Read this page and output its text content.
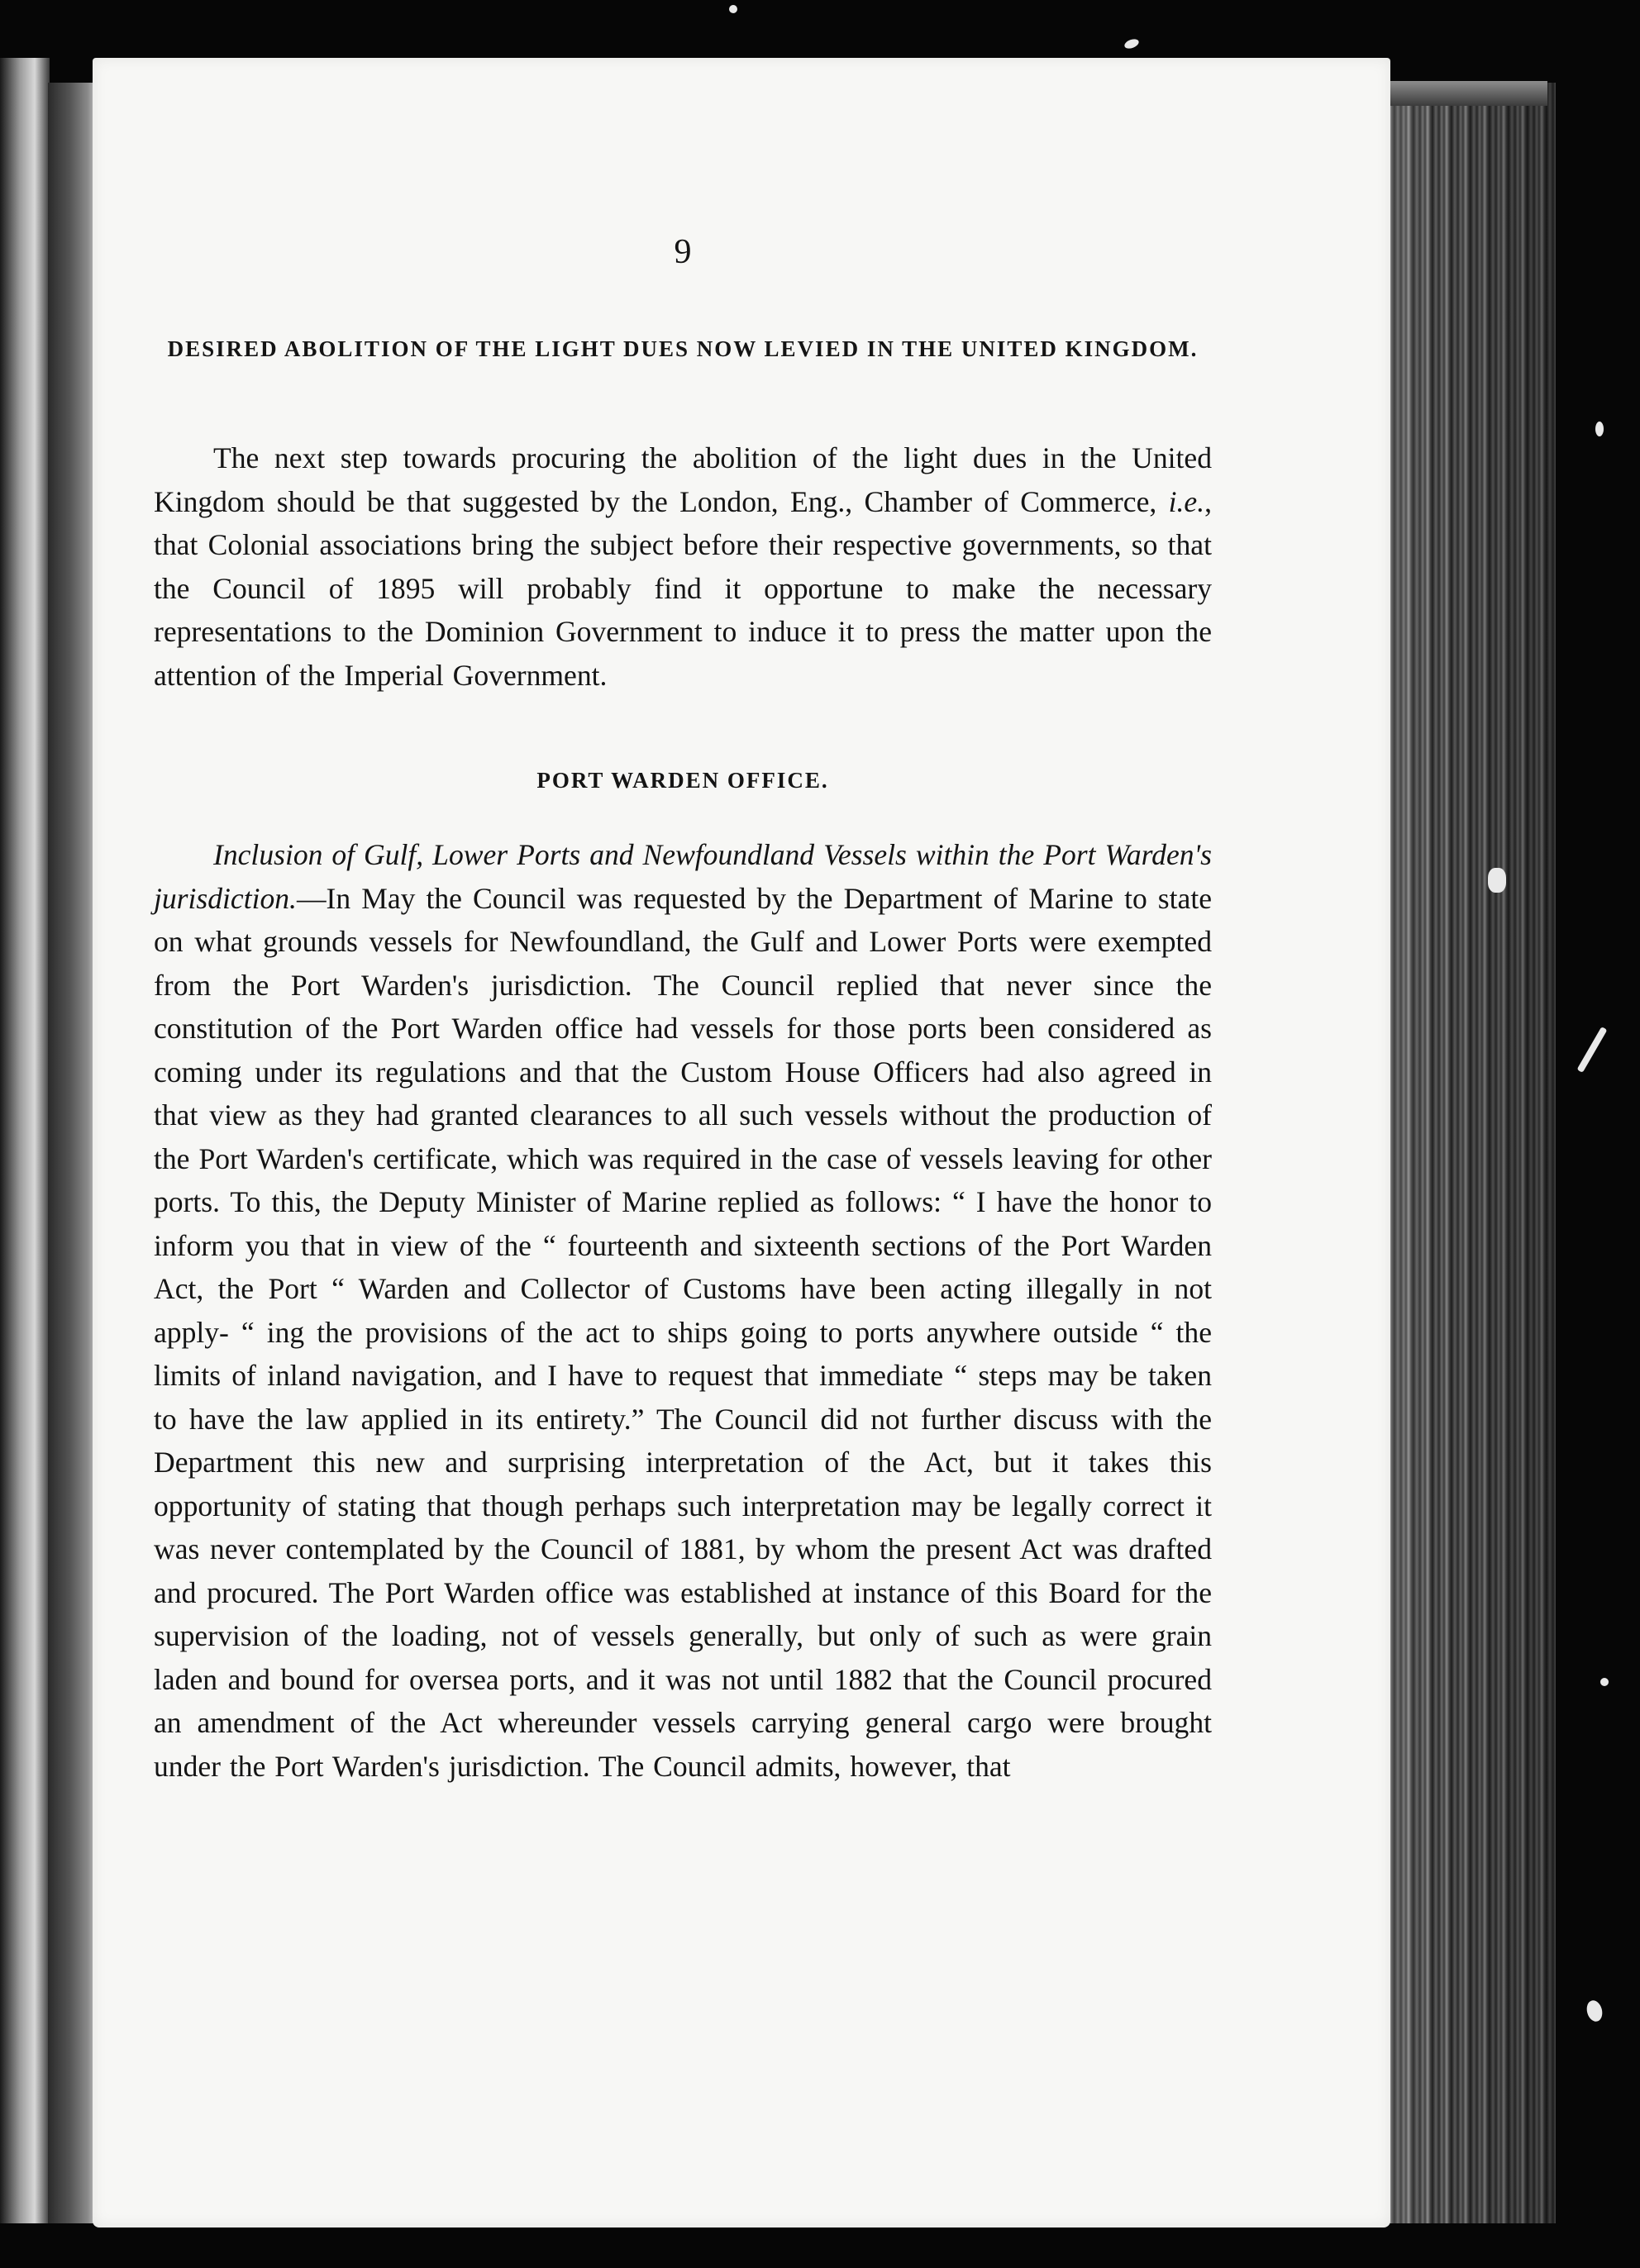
9

DESIRED ABOLITION OF THE LIGHT DUES NOW LEVIED IN THE UNITED KINGDOM.

The next step towards procuring the abolition of the light dues in the United Kingdom should be that suggested by the London, Eng., Chamber of Commerce, i.e., that Colonial associations bring the subject before their respective governments, so that the Council of 1895 will probably find it opportune to make the necessary representations to the Dominion Government to induce it to press the matter upon the attention of the Imperial Government.

PORT WARDEN OFFICE.

Inclusion of Gulf, Lower Ports and Newfoundland Vessels within the Port Warden's jurisdiction.—In May the Council was requested by the Department of Marine to state on what grounds vessels for Newfoundland, the Gulf and Lower Ports were exempted from the Port Warden's jurisdiction. The Council replied that never since the constitution of the Port Warden office had vessels for those ports been considered as coming under its regulations and that the Custom House Officers had also agreed in that view as they had granted clearances to all such vessels without the production of the Port Warden's certificate, which was required in the case of vessels leaving for other ports. To this, the Deputy Minister of Marine replied as follows: “ I have the honor to inform you that in view of the “ fourteenth and sixteenth sections of the Port Warden Act, the Port “ Warden and Collector of Customs have been acting illegally in not apply- “ ing the provisions of the act to ships going to ports anywhere outside “ the limits of inland navigation, and I have to request that immediate “ steps may be taken to have the law applied in its entirety.” The Council did not further discuss with the Department this new and surprising interpretation of the Act, but it takes this opportunity of stating that though perhaps such interpretation may be legally correct it was never contemplated by the Council of 1881, by whom the present Act was drafted and procured. The Port Warden office was established at instance of this Board for the supervision of the loading, not of vessels generally, but only of such as were grain laden and bound for oversea ports, and it was not until 1882 that the Council procured an amendment of the Act whereunder vessels carrying general cargo were brought under the Port Warden's jurisdiction. The Council admits, however, that
